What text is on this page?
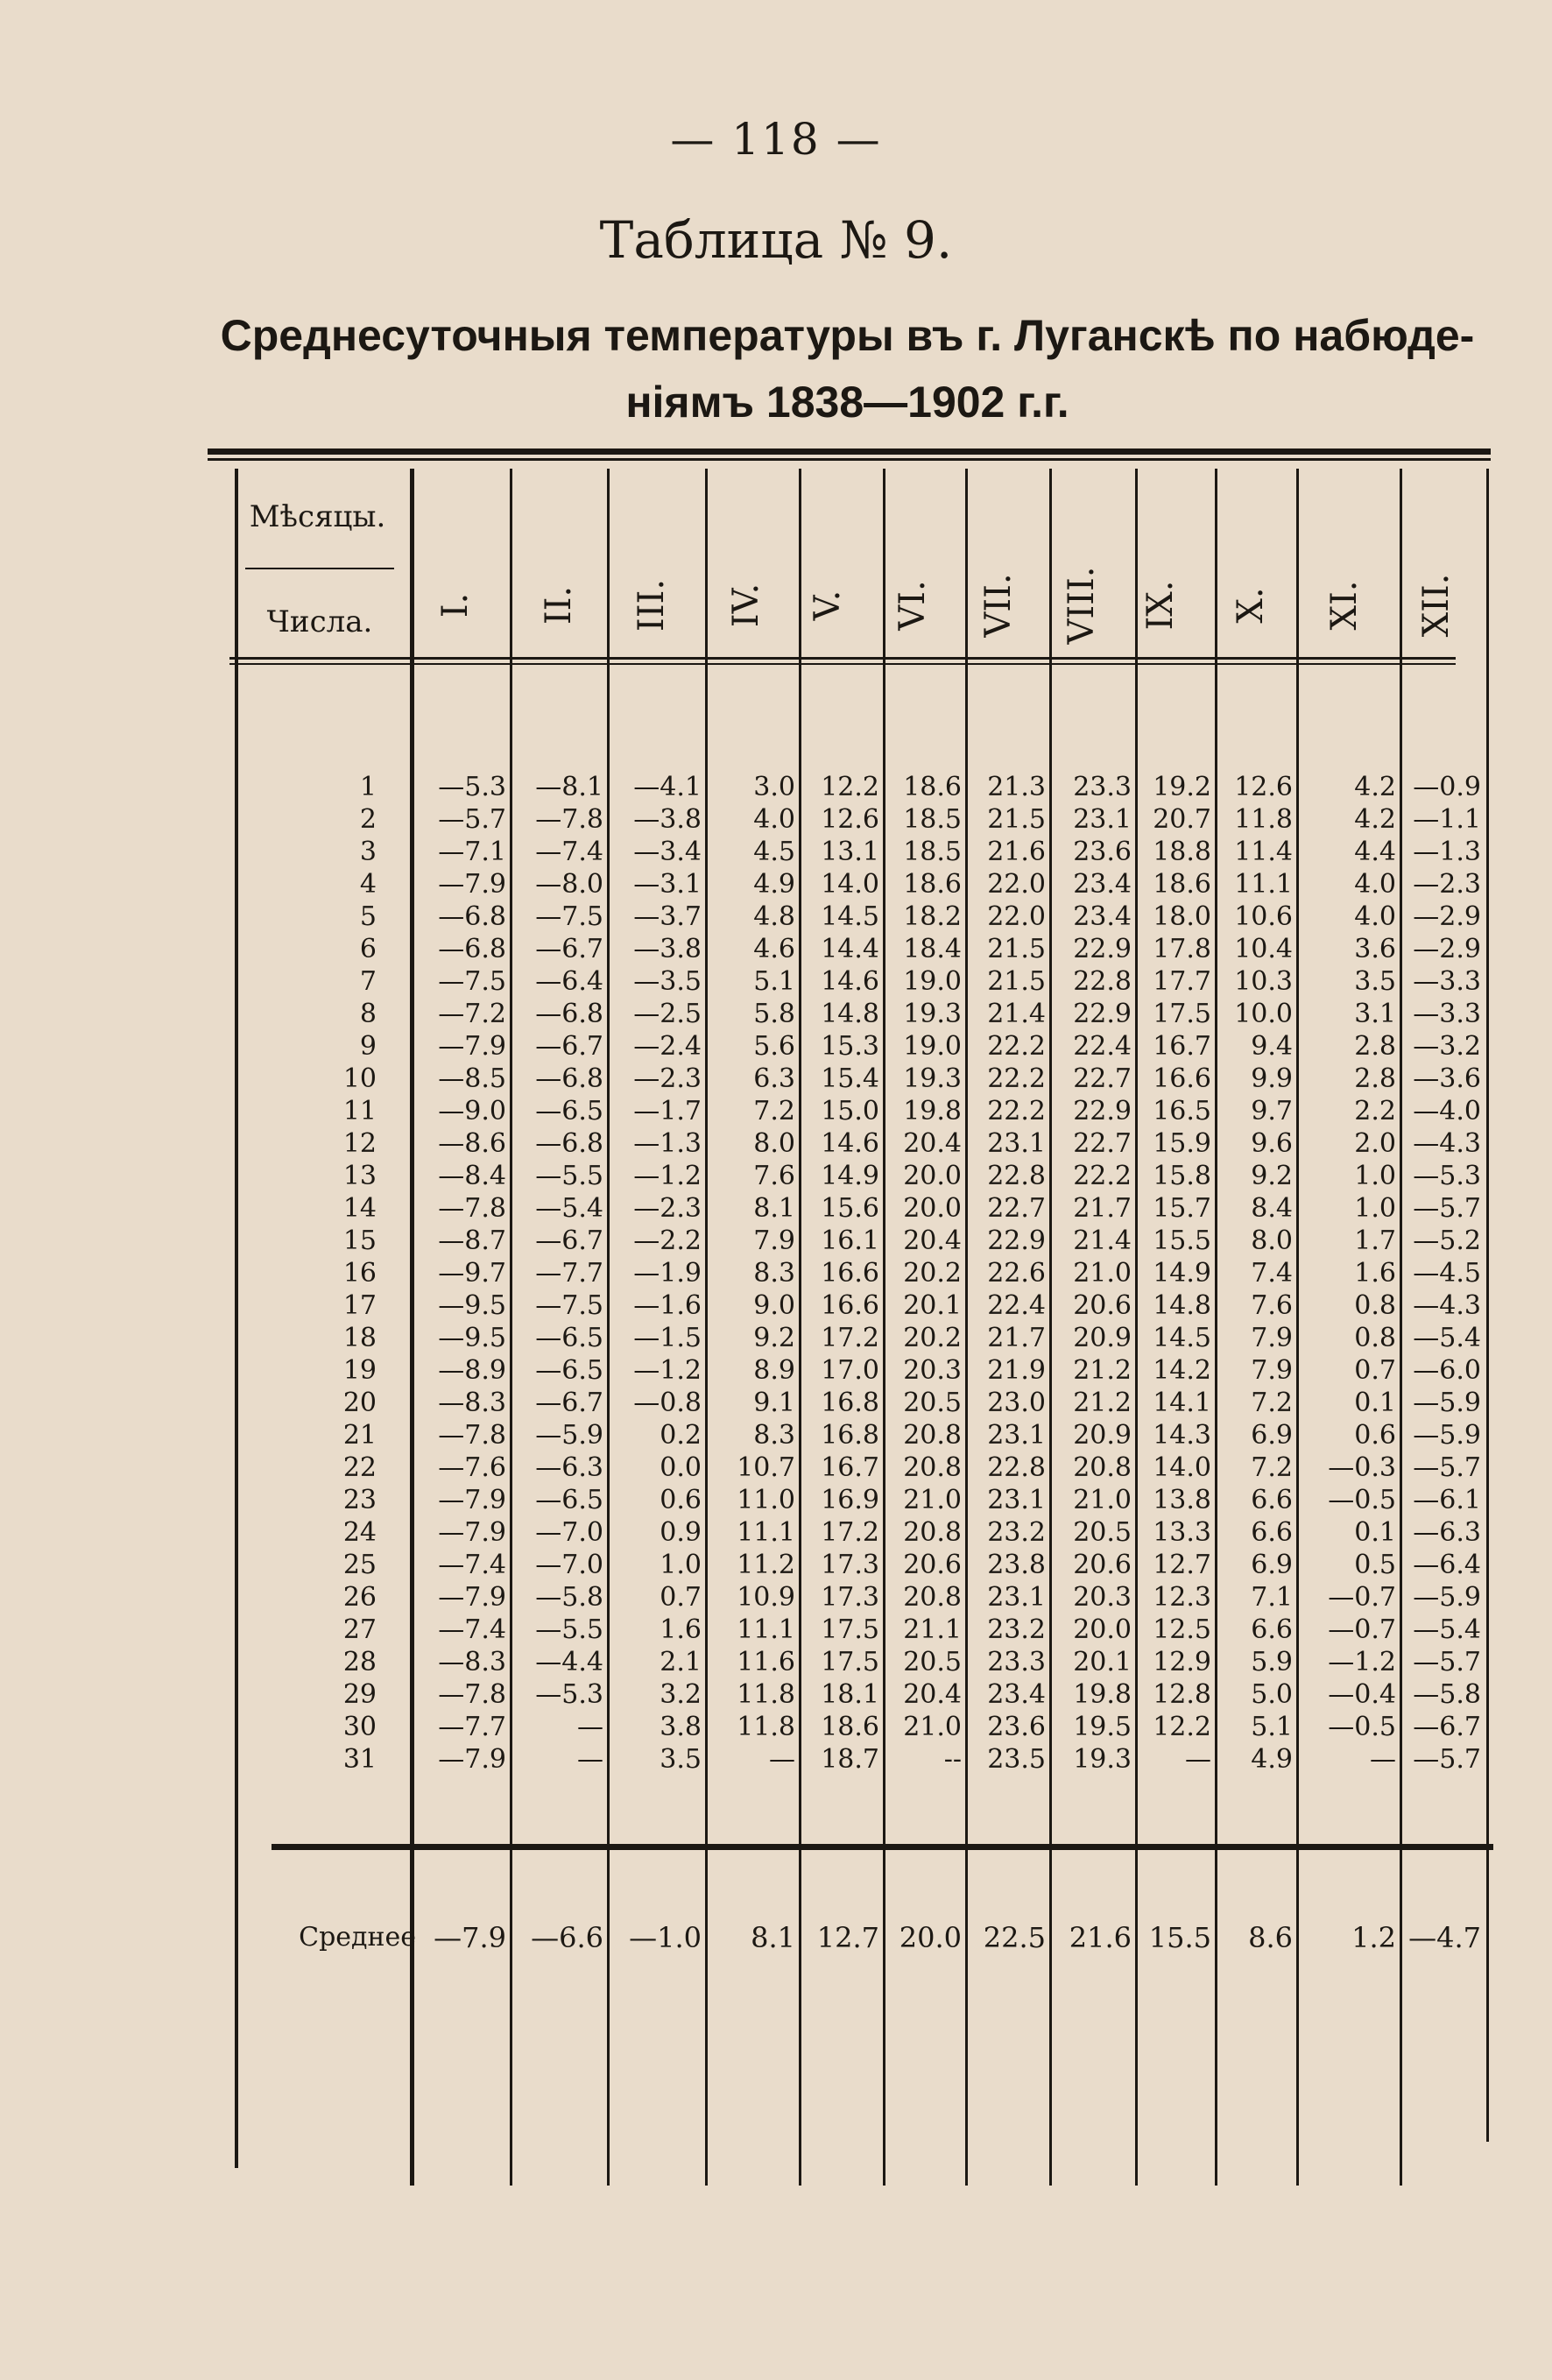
— 118 —
Таблица № 9.
Среднесуточныя температуры въ г. Луганскѣ по набюде-
ніямъ 1838—1902 г.г.
Мѣсяцы.
Числа.	I. II. III. IV. V. VI. VII. VIII. IX. X. XI. XII.
1	—5.3	—8.1	—4.1	3.0 12.2 18.6 21.3	23.3 19.2 12.6	4.2 —0.9
2	—5.7	—7.8	—3.8	4.0 12.6 18.5 21.5	23.1 20.7 11.8	4.2 —1.1
3	—7.1	—7.4	—3.4	4.5 13.1 18.5 21.6	23.6 18.8 11.4	4.4 —1.3
4	—7.9	—8.0	—3.1	4.9 14.0 18.6 22.0	23.4 18.6 11.1	4.0 —2.3
5	—6.8	—7.5	—3.7	4.8 14.5 18.2 22.0	23.4 18.0 10.6	4.0 —2.9
6	—6.8	—6.7	—3.8	4.6 14.4 18.4 21.5	22.9 17.8 10.4	3.6 —2.9
7	—7.5	—6.4	—3.5	5.1 14.6 19.0 21.5	22.8 17.7 10.3	3.5 —3.3
8	—7.2	—6.8	—2.5	5.8 14.8 19.3 21.4	22.9 17.5 10.0	3.1 —3.3
9	—7.9	—6.7	—2.4	5.6 15.3 19.0 22.2	22.4 16.7	9.4	2.8 —3.2
10	—8.5	—6.8	—2.3	6.3 15.4 19.3 22.2	22.7 16.6	9.9	2.8 —3.6
11	—9.0	—6.5	—1.7	7.2 15.0 19.8 22.2	22.9 16.5	9.7	2.2 —4.0
12	—8.6	—6.8	—1.3	8.0 14.6 20.4 23.1	22.7 15.9	9.6	2.0 —4.3
13	—8.4	—5.5	—1.2	7.6 14.9 20.0 22.8	22.2 15.8	9.2	1.0 —5.3
14	—7.8	—5.4	—2.3	8.1 15.6 20.0 22.7	21.7 15.7	8.4	1.0 —5.7
15	—8.7	—6.7	—2.2	7.9 16.1 20.4 22.9	21.4 15.5	8.0	1.7 —5.2
16	—9.7	—7.7	—1.9	8.3 16.6 20.2 22.6	21.0 14.9	7.4	1.6 —4.5
17	—9.5	—7.5	—1.6	9.0 16.6 20.1 22.4	20.6 14.8	7.6	0.8 —4.3
18	—9.5	—6.5	—1.5	9.2 17.2 20.2 21.7	20.9 14.5	7.9	0.8 —5.4
19	—8.9	—6.5	—1.2	8.9 17.0 20.3 21.9	21.2 14.2	7.9	0.7 —6.0
20	—8.3	—6.7	—0.8	9.1 16.8 20.5 23.0	21.2 14.1	7.2	0.1 —5.9
21	—7.8	—5.9	0.2	8.3 16.8 20.8 23.1	20.9 14.3	6.9	0.6 —5.9
22	—7.6	—6.3	0.0	10.7 16.7 20.8 22.8	20.8 14.0	7.2	—0.3 —5.7
23	—7.9	—6.5	0.6	11.0 16.9 21.0 23.1	21.0 13.8	6.6	—0.5 —6.1
24	—7.9	—7.0	0.9	11.1 17.2 20.8 23.2	20.5 13.3	6.6	0.1 —6.3
25	—7.4	—7.0	1.0	11.2 17.3 20.6 23.8	20.6 12.7	6.9	0.5 —6.4
26	—7.9	—5.8	0.7	10.9 17.3 20.8 23.1	20.3 12.3	7.1	—0.7 —5.9
27	—7.4	—5.5	1.6	11.1 17.5 21.1 23.2	20.0 12.5	6.6	—0.7 —5.4
28	—8.3	—4.4	2.1	11.6 17.5 20.5 23.3	20.1 12.9	5.9	—1.2 —5.7
29	—7.8	—5.3	3.2	11.8 18.1 20.4 23.4	19.8 12.8	5.0	—0.4 —5.8
30	—7.7	—	3.8	11.8 18.6 21.0 23.6	19.5 12.2	5.1	—0.5 —6.7
31	—7.9	—	3.5	— 18.7	-- 23.5	19.3	—	4.9	— —5.7
Среднее —7.9 —6.6 —1.0	8.1 12.7 20.0 22.5 21.6 15.5	8.6	1.2 —4.7
